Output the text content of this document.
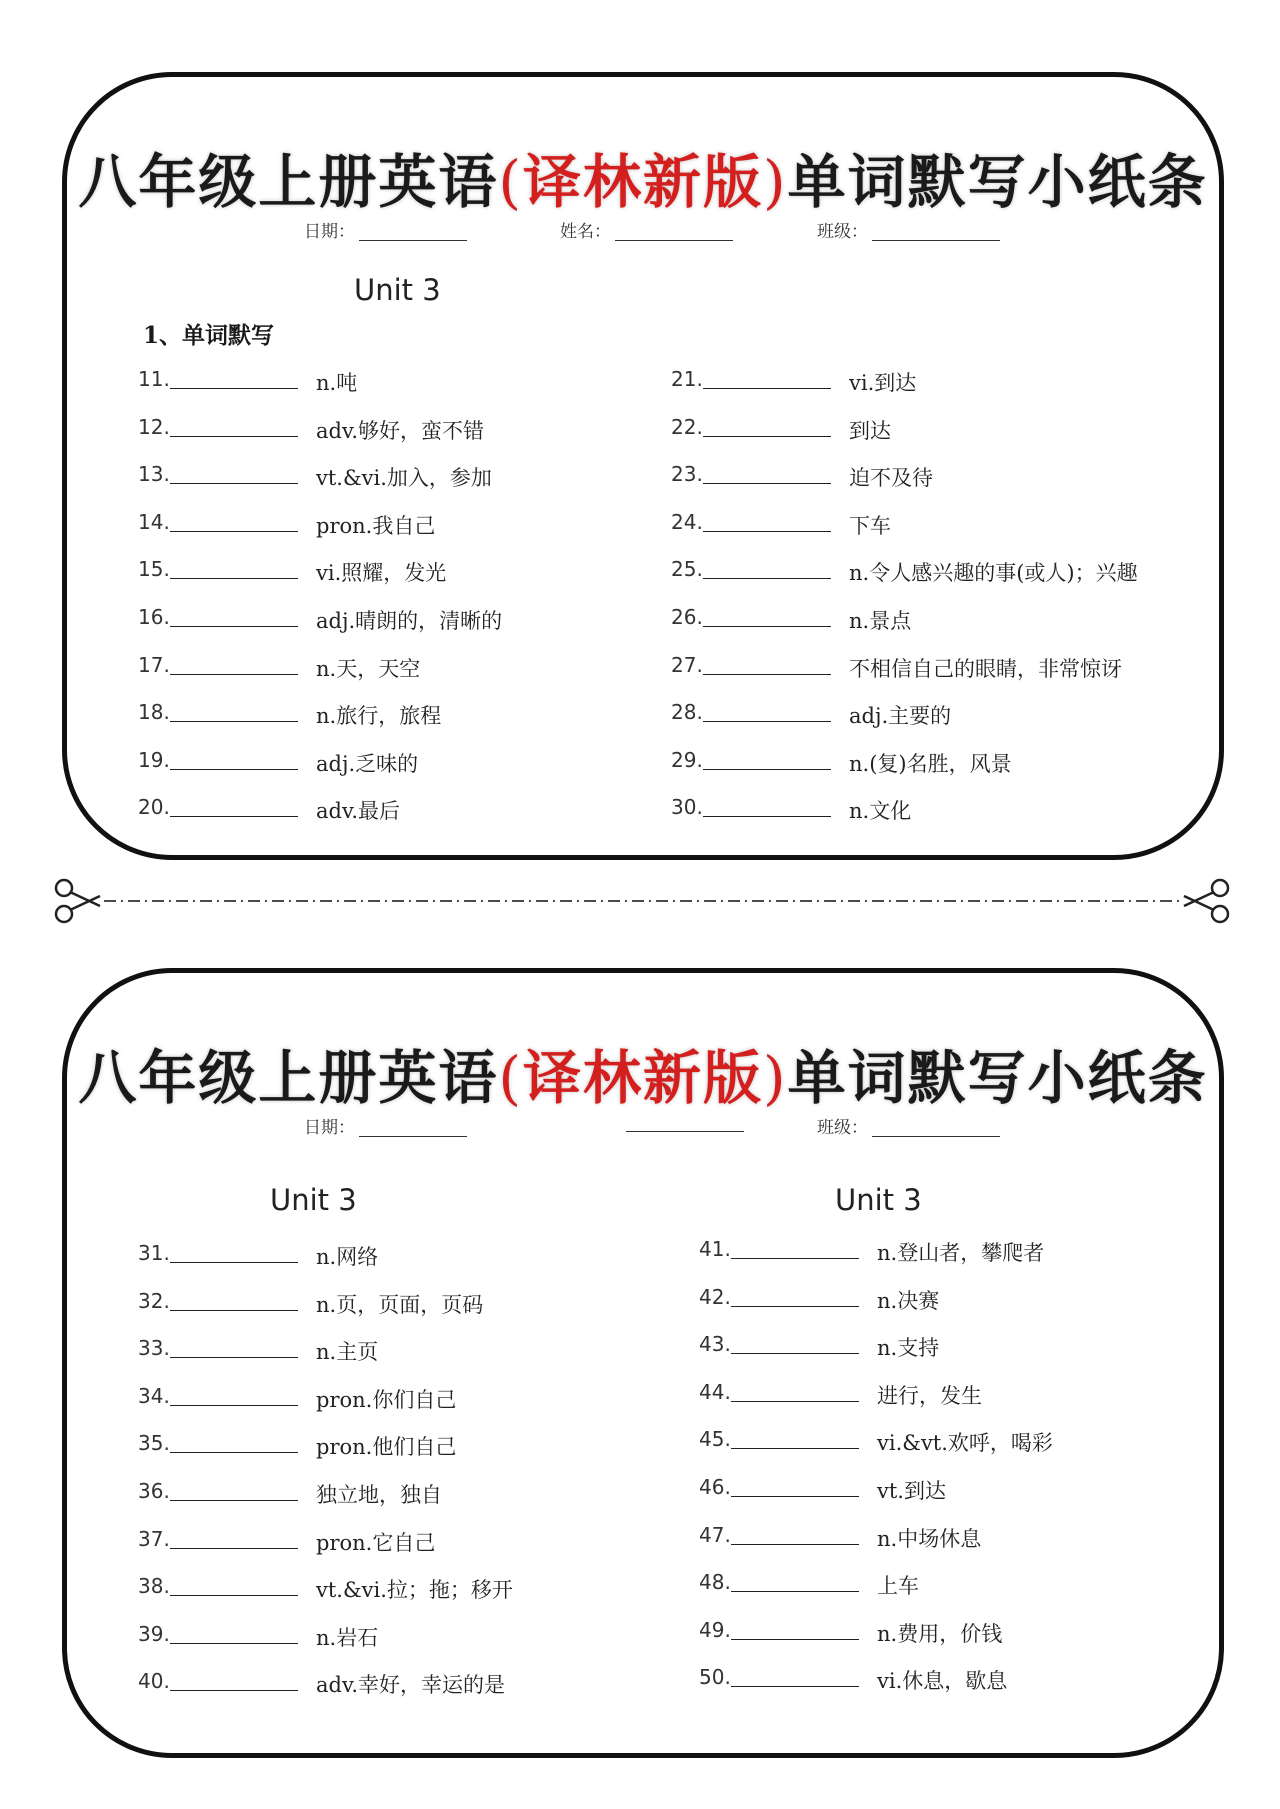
八年级上册英语(译林新版)单词默写小纸条
日期：	姓名：	班级：
Unit 3
1、单词默写
11.	n.吨
12.	adv.够好，蛮不错
13.	vt.&vi.加入，参加
14.	pron.我自己
15.	vi.照耀，发光
16.	adj.晴朗的，清晰的
17.	n.天，天空
18.	n.旅行，旅程
19.	adj.乏味的
20.	adv.最后
21.	vi.到达
22.	到达
23.	迫不及待
24.	下车
25.	n.令人感兴趣的事(或人)；兴趣
26.	n.景点
27.	不相信自己的眼睛，非常惊讶
28.	adj.主要的
29.	n.(复)名胜，风景
30.	n.文化
八年级上册英语(译林新版)单词默写小纸条
日期：	班级：
Unit 3	Unit 3
31.	n.网络
32.	n.页，页面，页码
33.	n.主页
34.	pron.你们自己
35.	pron.他们自己
36.	独立地，独自
37.	pron.它自己
38.	vt.&vi.拉；拖；移开
39.	n.岩石
40.	adv.幸好，幸运的是
41.	n.登山者，攀爬者
42.	n.决赛
43.	n.支持
44.	进行，发生
45.	vi.&vt.欢呼，喝彩
46.	vt.到达
47.	n.中场休息
48.	上车
49.	n.费用，价钱
50.	vi.休息，歇息
